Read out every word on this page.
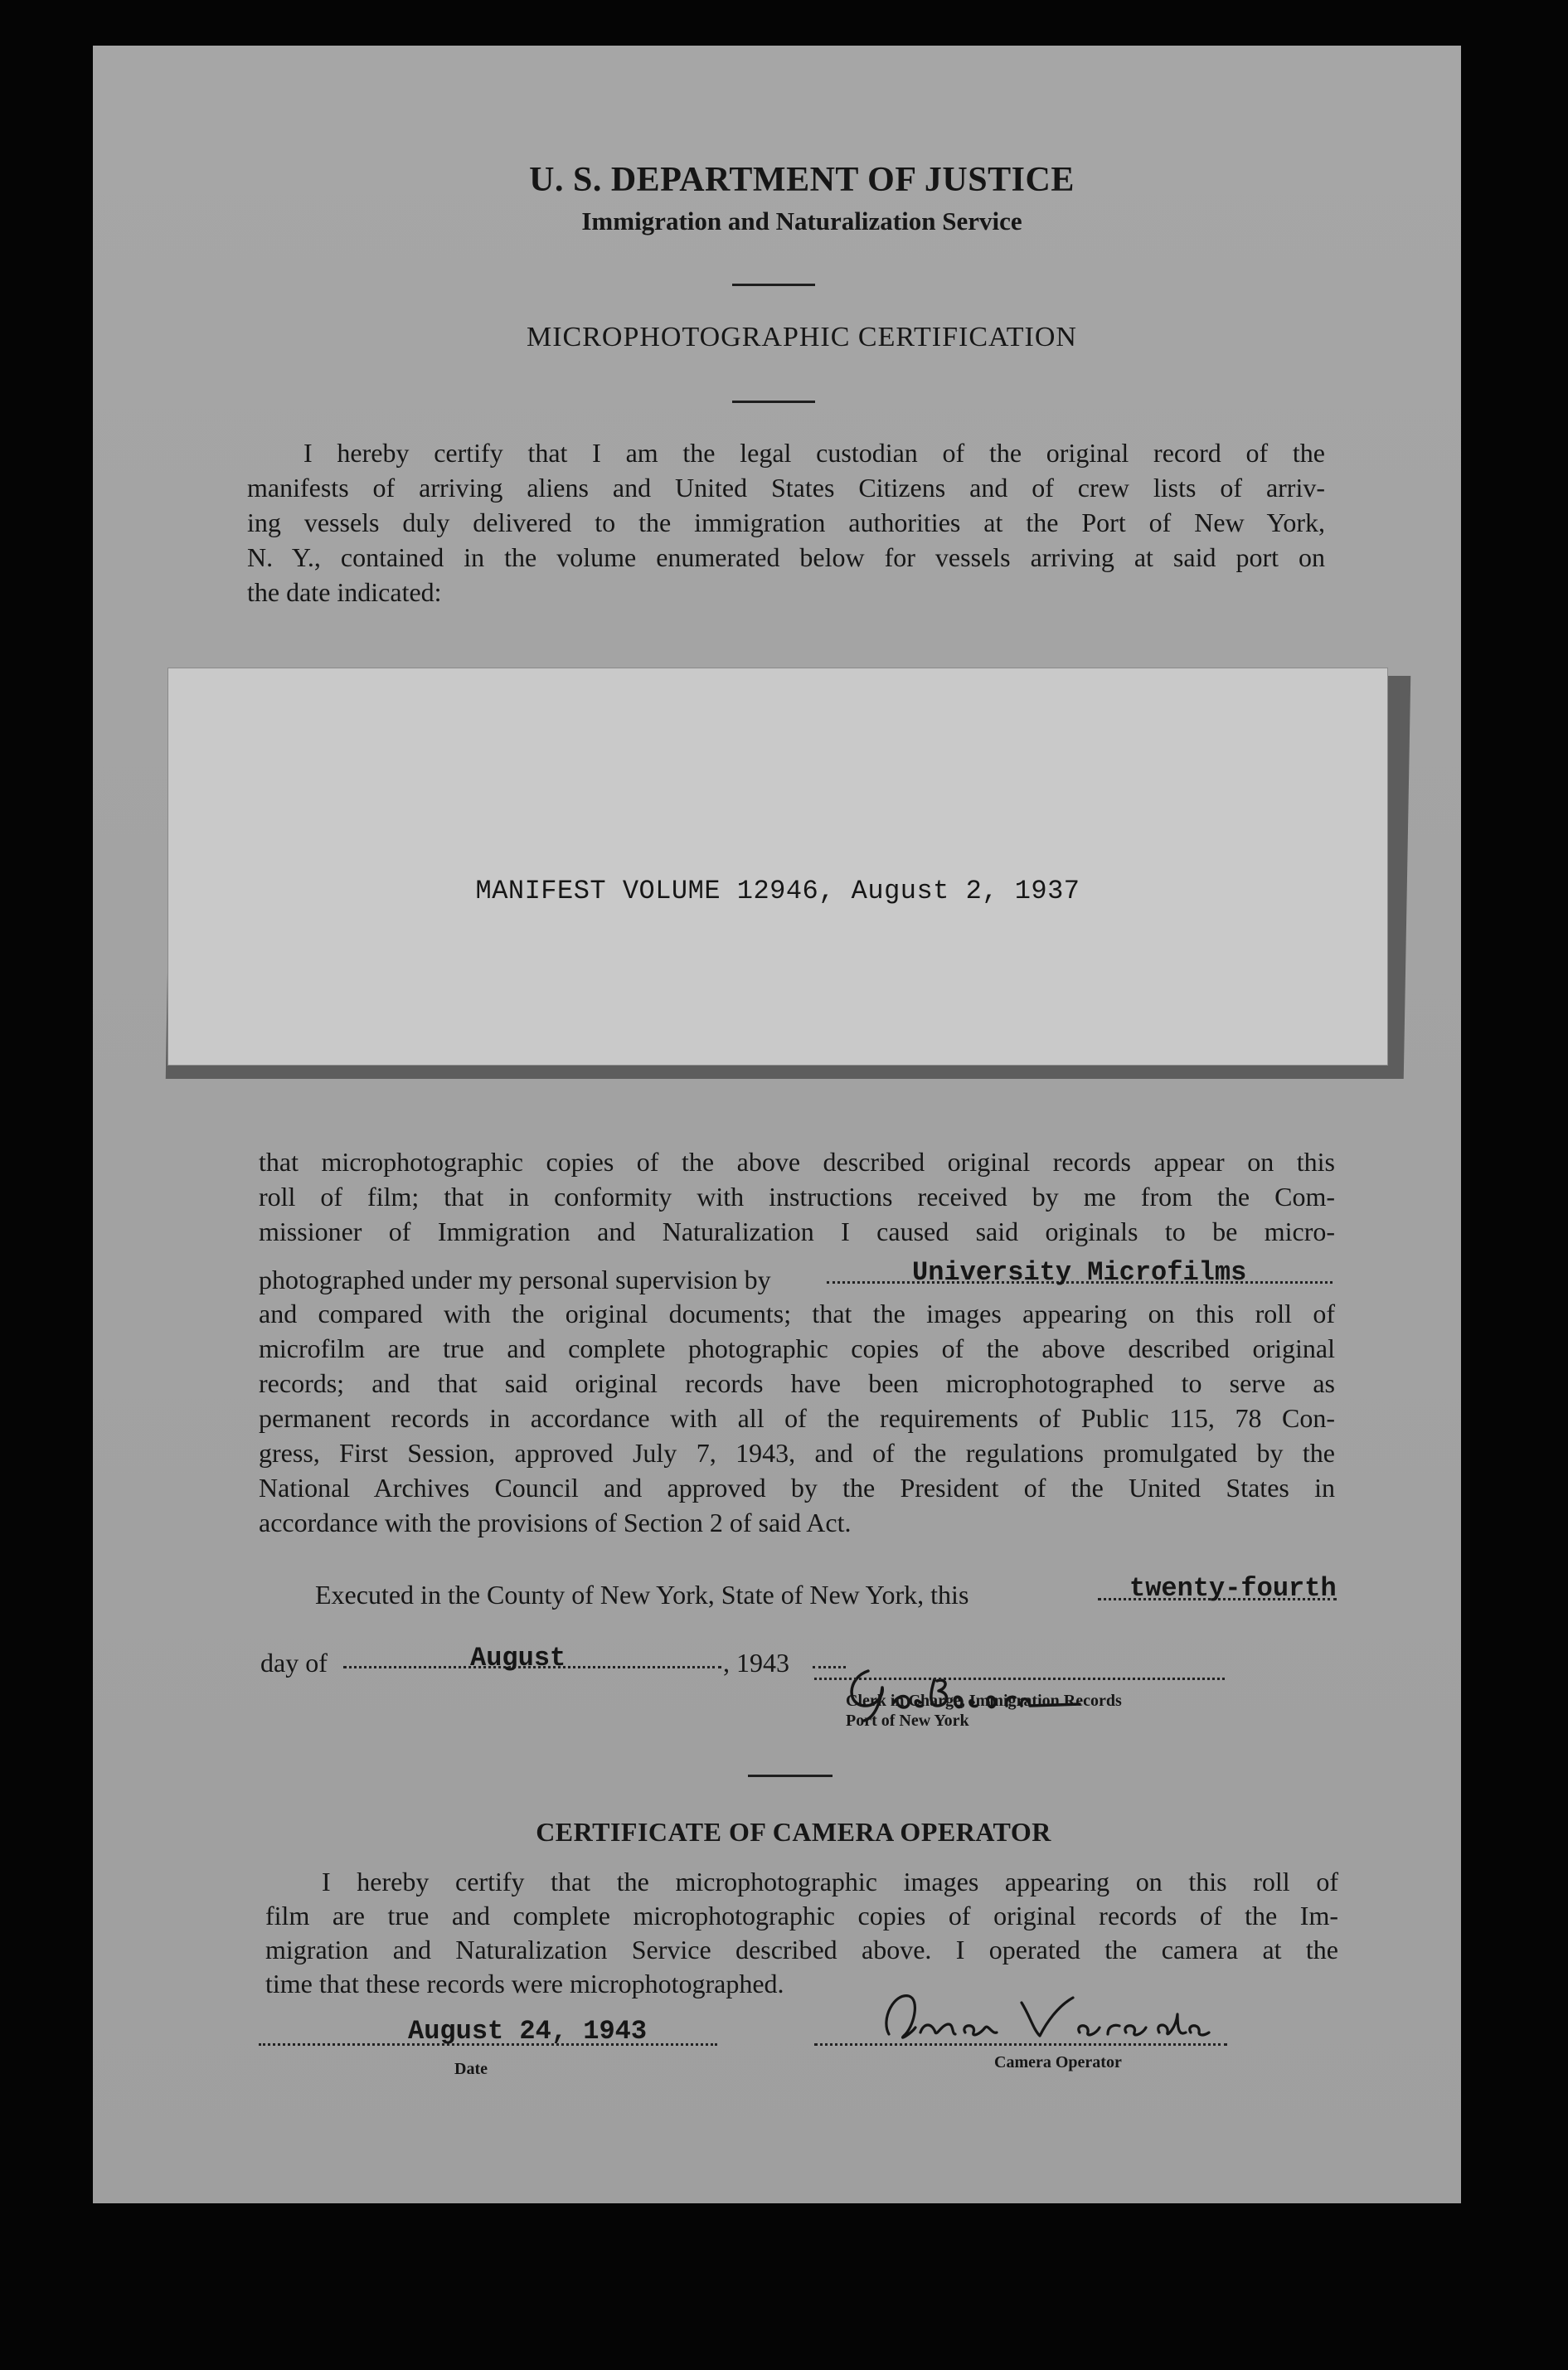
U. S. DEPARTMENT OF JUSTICE
Immigration and Naturalization Service
MICROPHOTOGRAPHIC CERTIFICATION
I hereby certify that I am the legal custodian of the original record of the
manifests of arriving aliens and United States Citizens and of crew lists of arriv-
ing vessels duly delivered to the immigration authorities at the Port of New York,
N. Y., contained in the volume enumerated below for vessels arriving at said port on
the date indicated:
MANIFEST VOLUME 12946, August 2, 1937
that microphotographic copies of the above described original records appear on this
roll of film; that in conformity with instructions received by me from the Com-
missioner of Immigration and Naturalization I caused said originals to be micro-
photographed under my personal supervision by	University Microfilms
and compared with the original documents; that the images appearing on this roll of
microfilm are true and complete photographic copies of the above described original
records; and that said original records have been microphotographed to serve as
permanent records in accordance with all of the requirements of Public 115, 78 Con-
gress, First Session, approved July 7, 1943, and of the regulations promulgated by the
National Archives Council and approved by the President of the United States in
accordance with the provisions of Section 2 of said Act.
Executed in the County of New York, State of New York, this	twenty-fourth
day of	August	, 1943
Clerk in Charge, Immigration Records
Port of New York
CERTIFICATE OF CAMERA OPERATOR
I hereby certify that the microphotographic images appearing on this roll of
film are true and complete microphotographic copies of original records of the Im-
migration and Naturalization Service described above. I operated the camera at the
time that these records were microphotographed.
August 24, 1943
Date	Camera Operator
